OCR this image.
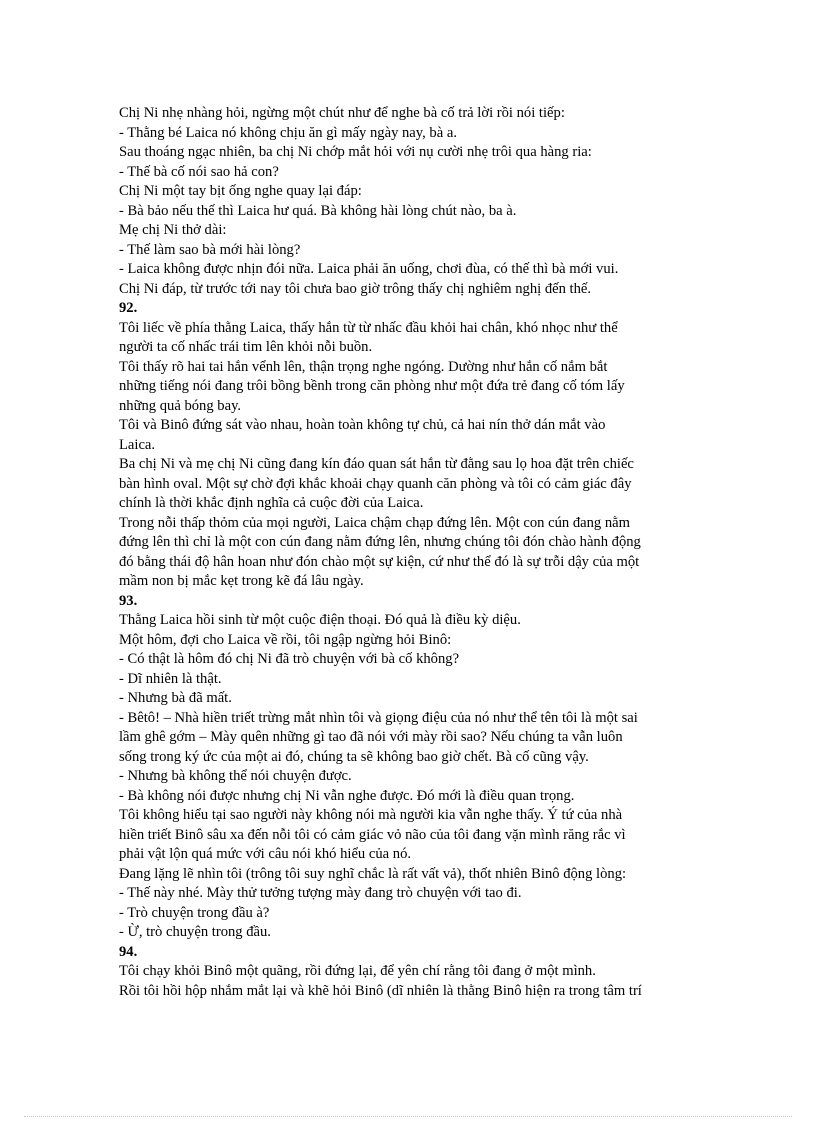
Chị Ni nhẹ nhàng hỏi, ngừng một chút như để nghe bà cố trả lời rồi nói tiếp:
- Thằng bé Laica nó không chịu ăn gì mấy ngày nay, bà a.
Sau thoáng ngạc nhiên, ba chị Ni chớp mắt hỏi với nụ cười nhẹ trôi qua hàng ria:
- Thế bà cố nói sao hả con?
Chị Ni một tay bịt ống nghe quay lại đáp:
- Bà bảo nếu thế thì Laica hư quá. Bà không hài lòng chút nào, ba à.
Mẹ chị Ni thở dài:
- Thế làm sao bà mới hài lòng?
- Laica không được nhịn đói nữa. Laica phải ăn uống, chơi đùa, có thế thì bà mới vui.
Chị Ni đáp, từ trước tới nay tôi chưa bao giờ trông thấy chị nghiêm nghị đến thế.
92.
Tôi liếc về phía thằng Laica, thấy hắn từ từ nhấc đầu khỏi hai chân, khó nhọc như thể
người ta cố nhấc trái tim lên khỏi nỗi buồn.
Tôi thấy rõ hai tai hắn vểnh lên, thận trọng nghe ngóng. Dường như hắn cố nắm bắt
những tiếng nói đang trôi bồng bềnh trong căn phòng như một đứa trẻ đang cố tóm lấy
những quả bóng bay.
Tôi và Binô đứng sát vào nhau, hoàn toàn không tự chủ, cả hai nín thở dán mắt vào
Laica.
Ba chị Ni và mẹ chị Ni cũng đang kín đáo quan sát hắn từ đằng sau lọ hoa đặt trên chiếc
bàn hình oval. Một sự chờ đợi khắc khoải chạy quanh căn phòng và tôi có cảm giác đây
chính là thời khắc định nghĩa cả cuộc đời của Laica.
Trong nỗi thấp thỏm của mọi người, Laica chậm chạp đứng lên. Một con cún đang nằm
đứng lên thì chỉ là một con cún đang nằm đứng lên, nhưng chúng tôi đón chào hành động
đó bằng thái độ hân hoan như đón chào một sự kiện, cứ như thể đó là sự trỗi dậy của một
mầm non bị mắc kẹt trong kẽ đá lâu ngày.
93.
Thằng Laica hồi sinh từ một cuộc điện thoại. Đó quả là điều kỳ diệu.
Một hôm, đợi cho Laica về rồi, tôi ngập ngừng hỏi Binô:
- Có thật là hôm đó chị Ni đã trò chuyện với bà cố không?
- Dĩ nhiên là thật.
- Nhưng bà đã mất.
- Bêtô! – Nhà hiền triết trừng mắt nhìn tôi và giọng điệu của nó như thể tên tôi là một sai
lầm ghê gớm – Mày quên những gì tao đã nói với mày rồi sao? Nếu chúng ta vẫn luôn
sống trong ký ức của một ai đó, chúng ta sẽ không bao giờ chết. Bà cố cũng vậy.
- Nhưng bà không thể nói chuyện được.
- Bà không nói được nhưng chị Ni vẫn nghe được. Đó mới là điều quan trọng.
Tôi không hiểu tại sao người này không nói mà người kia vẫn nghe thấy. Ý tứ của nhà
hiền triết Binô sâu xa đến nỗi tôi có cảm giác vỏ não của tôi đang vặn mình răng rắc vì
phải vật lộn quá mức với câu nói khó hiểu của nó.
Đang lặng lẽ nhìn tôi (trông tôi suy nghĩ chắc là rất vất vả), thốt nhiên Binô động lòng:
- Thế này nhé. Mày thử tưởng tượng mày đang trò chuyện với tao đi.
- Trò chuyện trong đầu à?
- Ừ, trò chuyện trong đầu.
94.
Tôi chạy khỏi Binô một quãng, rồi đứng lại, để yên chí rằng tôi đang ở một mình.
Rồi tôi hồi hộp nhắm mắt lại và khẽ hỏi Binô (dĩ nhiên là thằng Binô hiện ra trong tâm trí
